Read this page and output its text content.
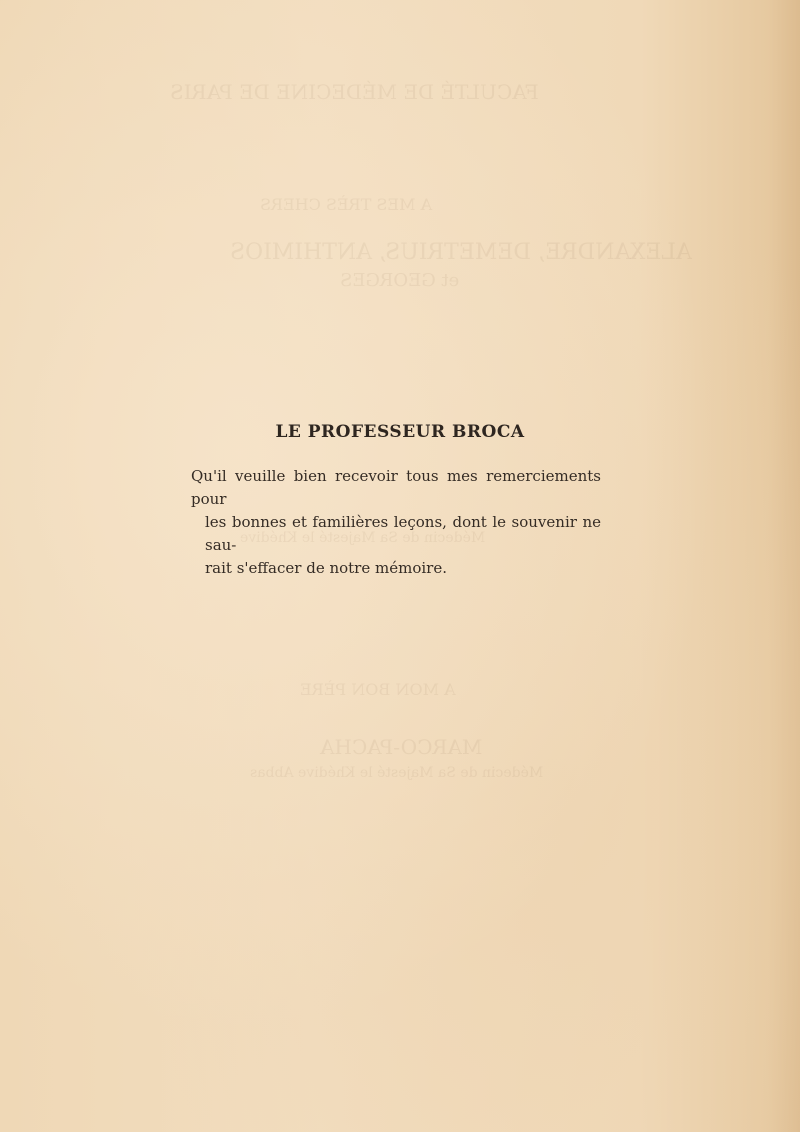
FACULTÉ DE MÉDECINE DE PARIS
A MES TRÈS CHERS
ALEXANDRE, DEMETRIUS, ANTHIMIOS
et GEORGES
Médecin de Sa Majesté le Khédive
A MON BON PÈRE
MARCO-PACHA
Médecin de Sa Majesté le Khédive Abbas
LE PROFESSEUR BROCA

Qu'il veuille bien recevoir tous mes remerciements pour
les bonnes et familières leçons, dont le souvenir ne sau-
rait s'effacer de notre mémoire.
